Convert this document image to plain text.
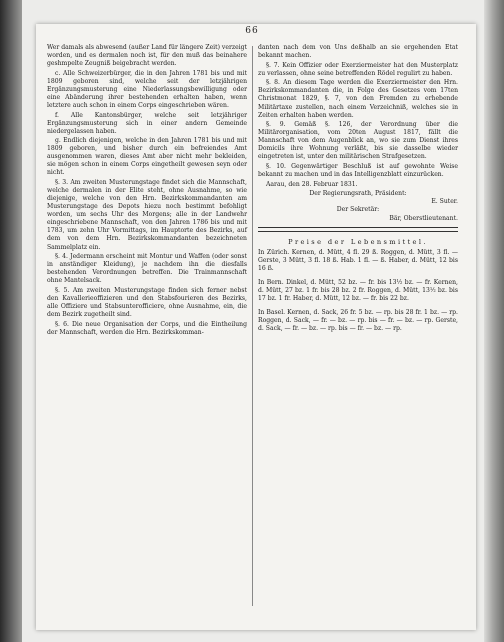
66

Wer damals als abwesend (außer Land für längere Zeit) verzeigt worden, und es dermalen noch ist, für den muß das beinahere geshmpelte Zeugniß beigebracht werden.

c. Alle Schweizerbürger, die in den Jahren 1781 bis und mit 1809 geboren sind, welche seit der letzjährigen Ergänzungsmusterung eine Niederlassungsbewilligung oder eine Abänderung ihrer bestehenden erhalten haben, wenn letztere auch schon in einem Corps eingeschrieben wären.

f. Alle Kantonsbürger, welche seit letzjähriger Ergänzungsmusterung sich in einer andern Gemeinde niedergelassen haben.

g. Endlich diejenigen, welche in den Jahren 1781 bis und mit 1809 geboren, und bisher durch ein befreiendes Amt ausgenommen waren, dieses Amt aber nicht mehr bekleiden, sie mögen schon in einem Corps eingetheilt gewesen seyn oder nicht.

§. 3. Am zweiten Musterungstage findet sich die Mannschaft, welche dermalen in der Elite steht, ohne Ausnahme, so wie diejenige, welche von den Hrn. Bezirkskommandanten am Musterungstage des Depots hiezu noch bestimmt befohligt worden, um sechs Uhr des Morgens; alle in der Landwehr eingeschriebene Mannschaft, von den Jahren 1786 bis und mit 1783, um zehn Uhr Vormittags, im Hauptorte des Bezirks, auf dem von dem Hrn. Bezirkskommandanten bezeichneten Sammelplatz ein.

§. 4. Jedermann erscheint mit Montur und Waffen (oder sonst in anständiger Kleidung), je nachdem ihn die diesfalls bestehenden Verordnungen betreffen. Die Trainmannschaft ohne Mantelsack.

§. 5. Am zweiten Musterungstage finden sich ferner nebst den Kavallerieoffizieren und den Stabsfourieren des Bezirks, alle Offiziere und Stabsunterofficiere, ohne Ausnahme, ein, die dem Bezirk zugetheilt sind.

§. 6. Die neue Organisation der Corps, und die Eintheilung der Mannschaft, werden die Hrn. Bezirkskomman-

danten nach dem von Uns deßhalb an sie ergehenden Etat bekannt machen.

§. 7. Kein Offizier oder Exerziermeister hat den Musterplatz zu verlassen, ohne seine betreffenden Rödel regulirt zu haben.

§. 8. An diesem Tage werden die Exerziermeister den Hrn. Bezirkskommandanten die, in Folge des Gesetzes vom 17ten Christmonat 1829, §. 7, von den Fremden zu erhebende Militärtaxe zustellen, nach einem Verzeichniß, welches sie in Zeiten erhalten haben werden.

§. 9. Gemäß §. 126, der Verordnung über die Militärorganisation, vom 20ten August 1817, fällt die Mannschaft von dem Augenblick an, wo sie zum Dienst ihres Domicils ihre Wohnung verläßt, bis sie dasselbe wieder eingetreten ist, unter den militärischen Strafgesetzen.

§. 10. Gegenwärtiger Beschluß ist auf gewohnte Weise bekannt zu machen und in das Intelligenzblatt einzurücken.

Aarau, den 28. Februar 1831.

Der Regierungsrath, Präsident:

E. Suter.

Der Sekretär:

Bär, Oberstlieutenant.

Preise der Lebensmittel.

In Zürich. Kernen, d. Mütt, 4 fl. 29 ß. Roggen, d. Mütt, 3 fl. — Gerste, 3 Mütt, 3 fl. 18 ß. Hab. 1 fl. — ß. Haber, d. Mütt, 12 bis 16 ß.

In Bern. Dinkel, d. Mütt, 52 bz. — fr. bis 13½ bz. — fr. Kernen, d. Mütt, 27 bz. 1 fr. bis 28 bz. 2 fr. Roggen, d. Mütt, 13½ bz. bis 17 bz. 1 fr. Haber, d. Mütt, 12 bz. — fr. bis 22 bz.

In Basel. Kernen, d. Sack, 26 fr. 5 bz. — rp. bis 28 fr. 1 bz. — rp. Roggen, d. Sack, — fr. — bz. — rp. bis — fr. — bz. — rp. Gerste, d. Sack, — fr. — bz. — rp. bis — fr. — bz. — rp.
